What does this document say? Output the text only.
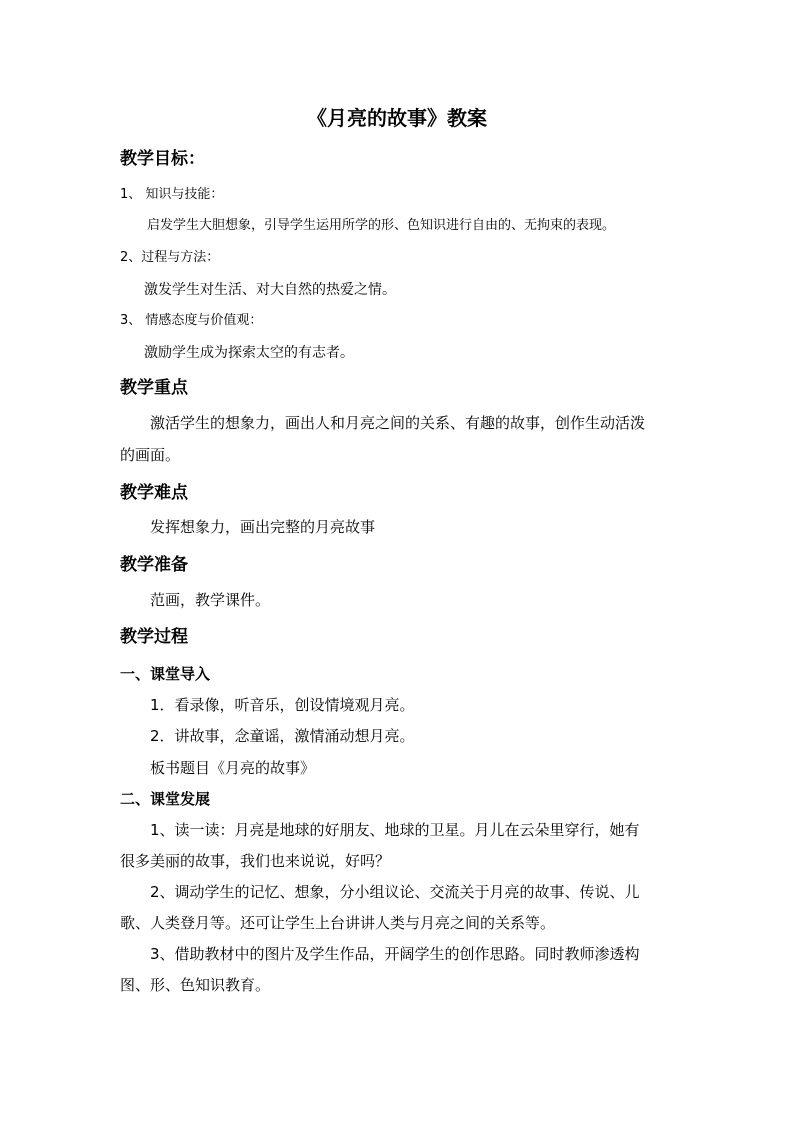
《月亮的故事》教案
教学目标：
1、 知识与技能：
启发学生大胆想象，引导学生运用所学的形、色知识进行自由的、无拘束的表现。
2、过程与方法：
激发学生对生活、对大自然的热爱之情。
3、 情感态度与价值观：
激励学生成为探索太空的有志者。
教学重点
激活学生的想象力，画出人和月亮之间的关系、有趣的故事，创作生动活泼
的画面。
教学难点
发挥想象力，画出完整的月亮故事
教学准备
范画，教学课件。
教学过程
一、课堂导入
1．看录像，听音乐，创设情境观月亮。
2．讲故事，念童谣，激情涌动想月亮。
板书题目《月亮的故事》
二、课堂发展
1、读一读：月亮是地球的好朋友、地球的卫星。月儿在云朵里穿行，她有
很多美丽的故事，我们也来说说，好吗？
2、调动学生的记忆、想象，分小组议论、交流关于月亮的故事、传说、儿
歌、人类登月等。还可让学生上台讲讲人类与月亮之间的关系等。
3、借助教材中的图片及学生作品，开阔学生的创作思路。同时教师渗透构
图、形、色知识教育。
